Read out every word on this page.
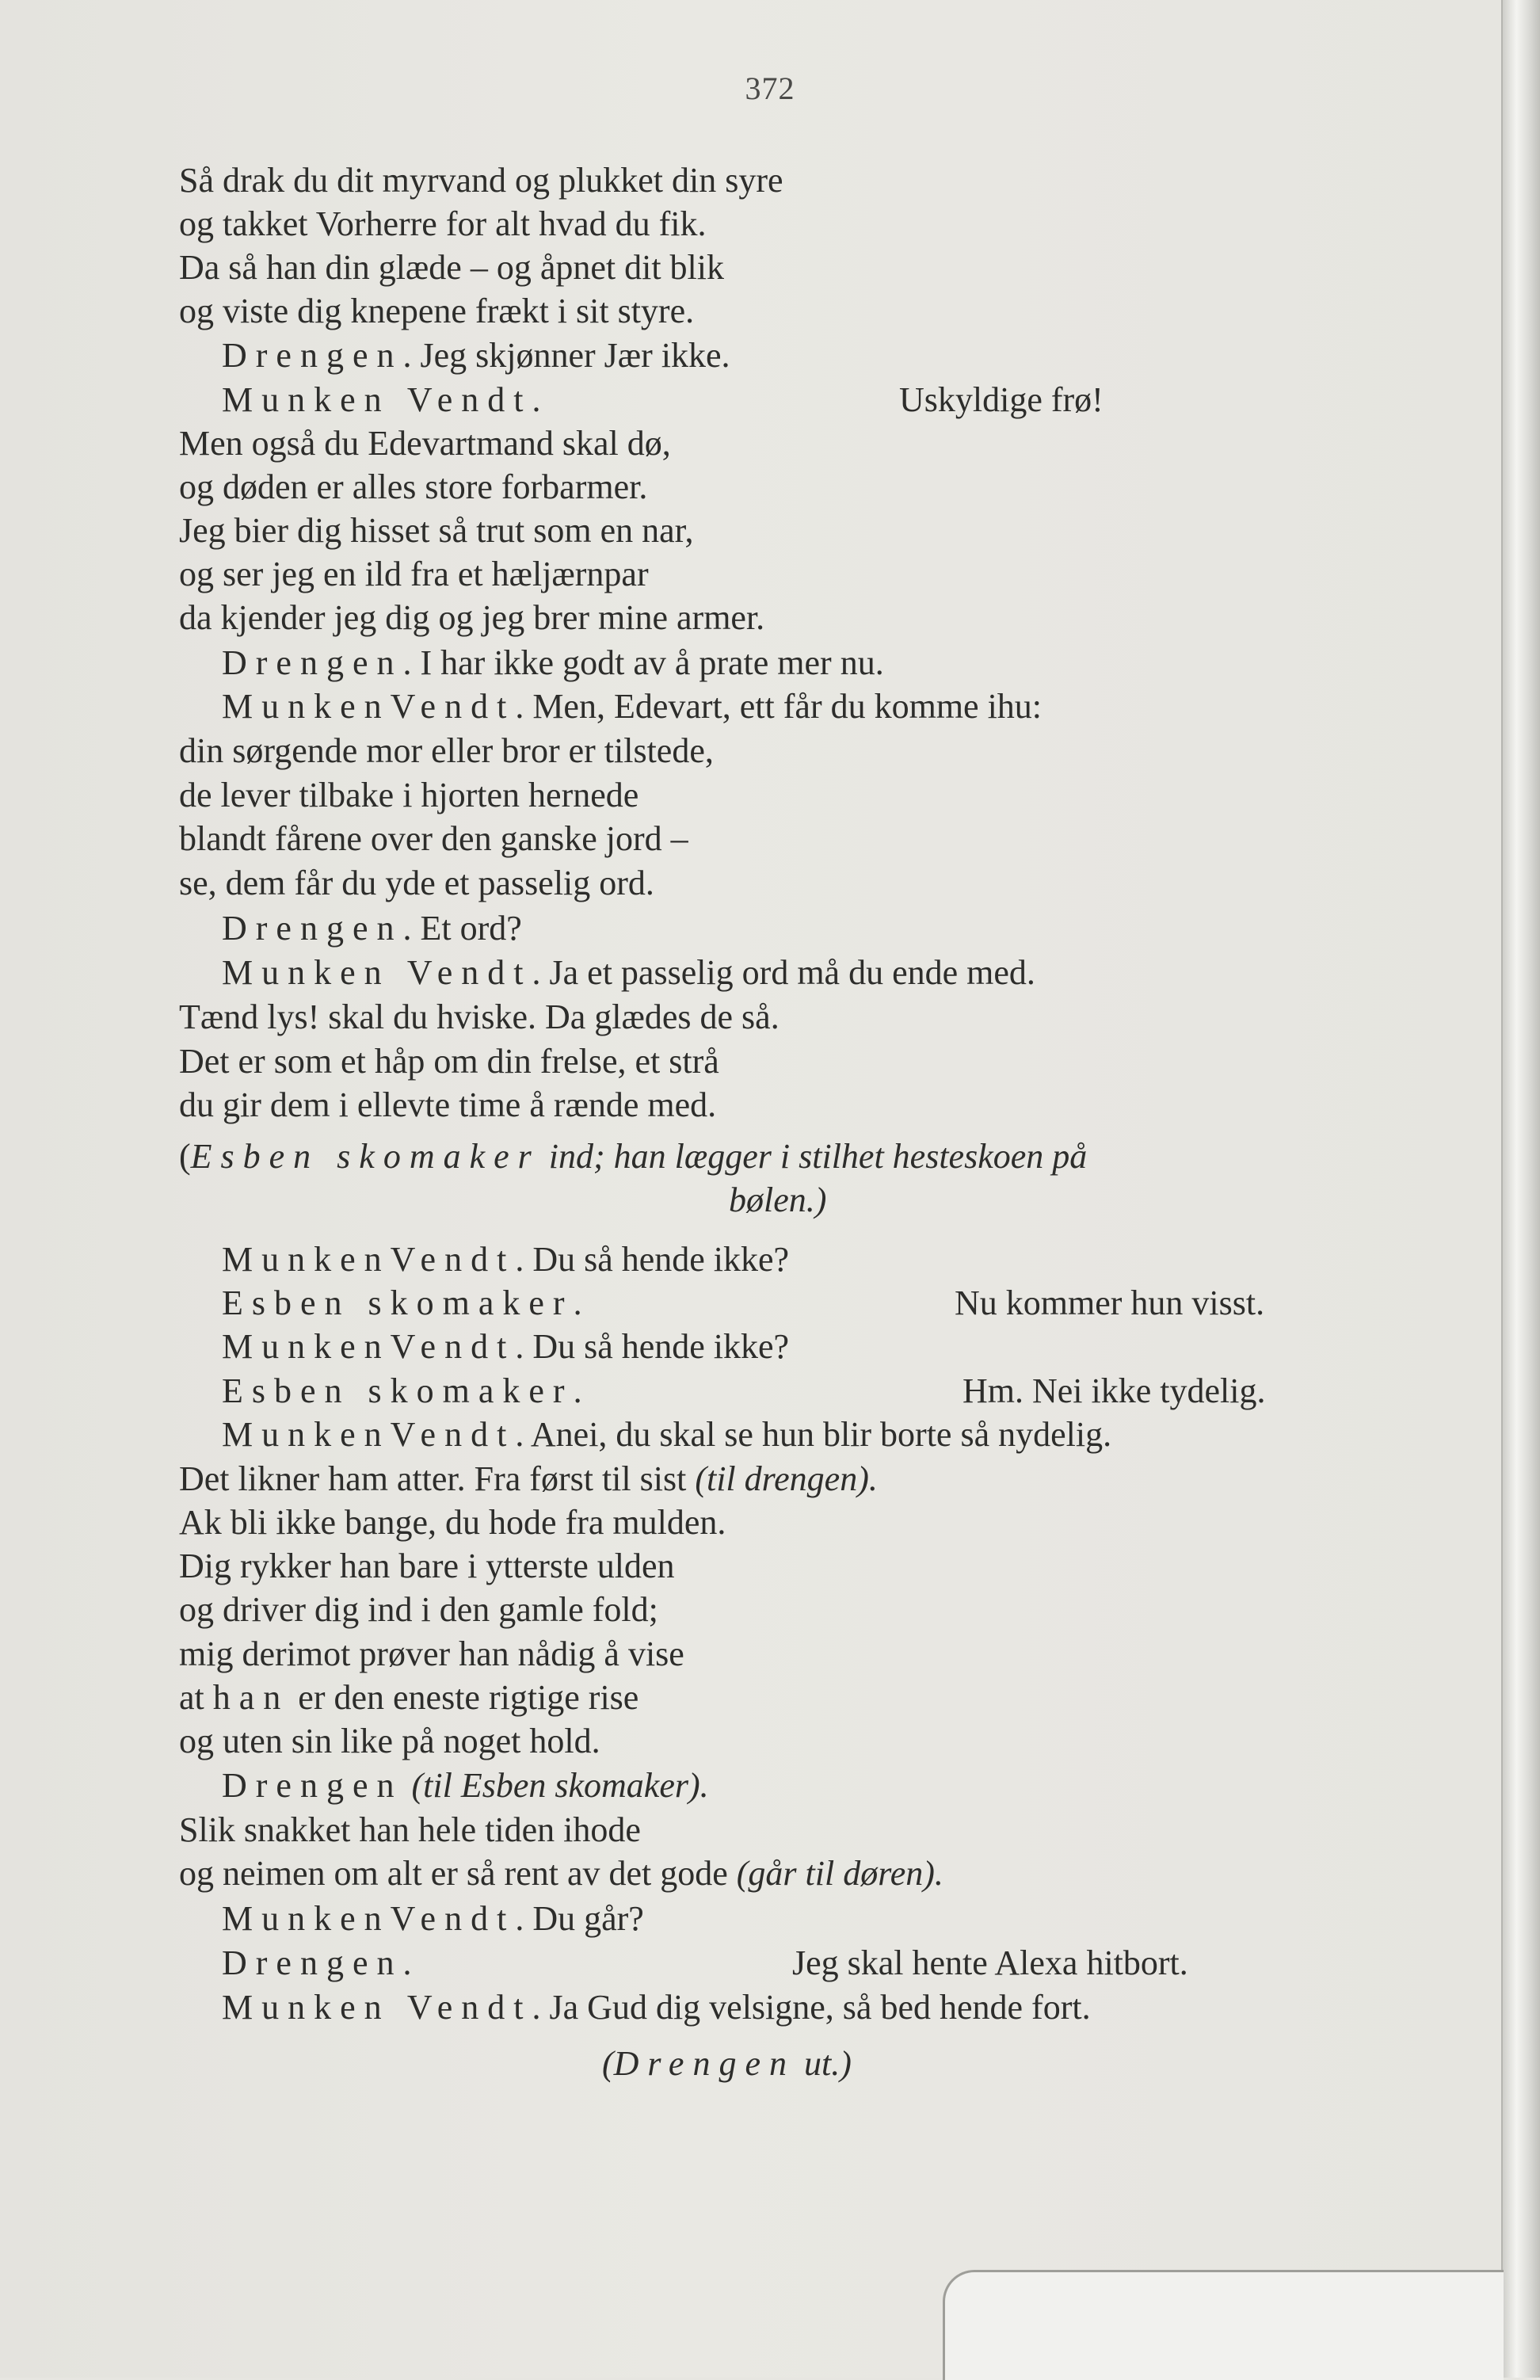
372
Så drak du dit myrvand og plukket din syre
og takket Vorherre for alt hvad du fik.
Da så han din glæde – og åpnet dit blik
og viste dig knepene frækt i sit styre.
Drengen. Jeg skjønner Jær ikke.
Munken Vendt.	Uskyldige frø!
Men også du Edevartmand skal dø,
og døden er alles store forbarmer.
Jeg bier dig hisset så trut som en nar,
og ser jeg en ild fra et hæljærnpar
da kjender jeg dig og jeg brer mine armer.
Drengen. I har ikke godt av å prate mer nu.
MunkenVendt. Men, Edevart, ett får du komme ihu:
din sørgende mor eller bror er tilstede,
de lever tilbake i hjorten hernede
blandt fårene over den ganske jord –
se, dem får du yde et passelig ord.
Drengen. Et ord?
Munken Vendt. Ja et passelig ord må du ende med.
Tænd lys! skal du hviske. Da glædes de så.
Det er som et håp om din frelse, et strå
du gir dem i ellevte time å rænde med.
(Esben skomaker ind; han lægger i stilhet hesteskoen på
bølen.)
MunkenVendt. Du så hende ikke?
Esben skomaker.	Nu kommer hun visst.
MunkenVendt. Du så hende ikke?
Esben skomaker.	Hm. Nei ikke tydelig.
MunkenVendt. Anei, du skal se hun blir borte så nydelig.
Det likner ham atter. Fra først til sist (til drengen).
Ak bli ikke bange, du hode fra mulden.
Dig rykker han bare i ytterste ulden
og driver dig ind i den gamle fold;
mig derimot prøver han nådig å vise
at han er den eneste rigtige rise
og uten sin like på noget hold.
Drengen (til Esben skomaker).
Slik snakket han hele tiden ihode
og neimen om alt er så rent av det gode (går til døren).
MunkenVendt. Du går?
Drengen.	Jeg skal hente Alexa hitbort.
Munken Vendt. Ja Gud dig velsigne, så bed hende fort.
(Drengen ut.)
